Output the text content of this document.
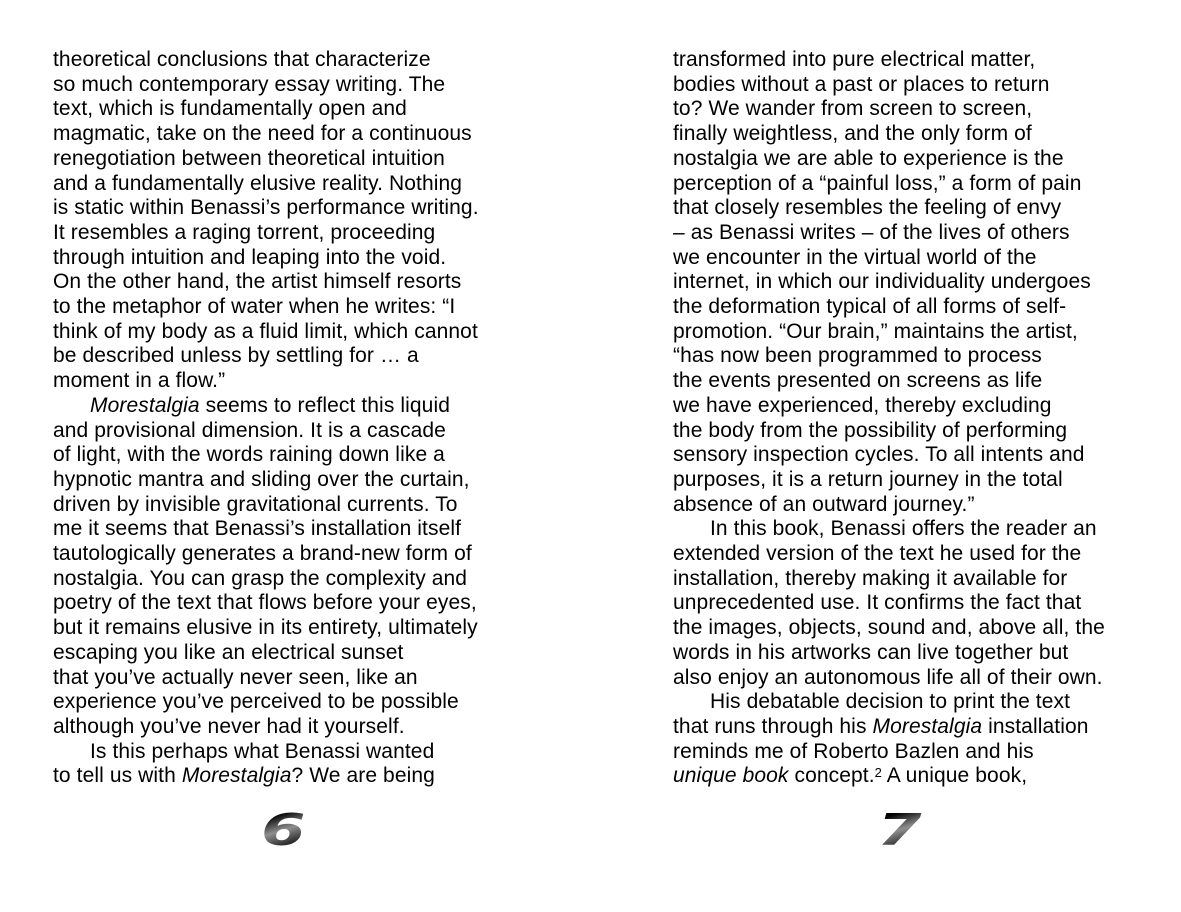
theoretical conclusions that characterize
so much contemporary essay writing. The
text, which is fundamentally open and
magmatic, take on the need for a continuous
renegotiation between theoretical intuition
and a fundamentally elusive reality. Nothing
is static within Benassi’s performance writing.
It resembles a raging torrent, proceeding
through intuition and leaping into the void.
On the other hand, the artist himself resorts
to the metaphor of water when he writes: “I
think of my body as a fluid limit, which cannot
be described unless by settling for … a
moment in a flow.”
Morestalgia seems to reflect this liquid
and provisional dimension. It is a cascade
of light, with the words raining down like a
hypnotic mantra and sliding over the curtain,
driven by invisible gravitational currents. To
me it seems that Benassi’s installation itself
tautologically generates a brand-new form of
nostalgia. You can grasp the complexity and
poetry of the text that flows before your eyes,
but it remains elusive in its entirety, ultimately
escaping you like an electrical sunset
that you’ve actually never seen, like an
experience you’ve perceived to be possible
although you’ve never had it yourself.
Is this perhaps what Benassi wanted
to tell us with Morestalgia? We are being
transformed into pure electrical matter,
bodies without a past or places to return
to? We wander from screen to screen,
finally weightless, and the only form of
nostalgia we are able to experience is the
perception of a “painful loss,” a form of pain
that closely resembles the feeling of envy
– as Benassi writes – of the lives of others
we encounter in the virtual world of the
internet, in which our individuality undergoes
the deformation typical of all forms of self-
promotion. “Our brain,” maintains the artist,
“has now been programmed to process
the events presented on screens as life
we have experienced, thereby excluding
the body from the possibility of performing
sensory inspection cycles. To all intents and
purposes, it is a return journey in the total
absence of an outward journey.”
In this book, Benassi offers the reader an
extended version of the text he used for the
installation, thereby making it available for
unprecedented use. It confirms the fact that
the images, objects, sound and, above all, the
words in his artworks can live together but
also enjoy an autonomous life all of their own.
His debatable decision to print the text
that runs through his Morestalgia installation
reminds me of Roberto Bazlen and his
unique book concept.$^2$ A unique book,
6	7
